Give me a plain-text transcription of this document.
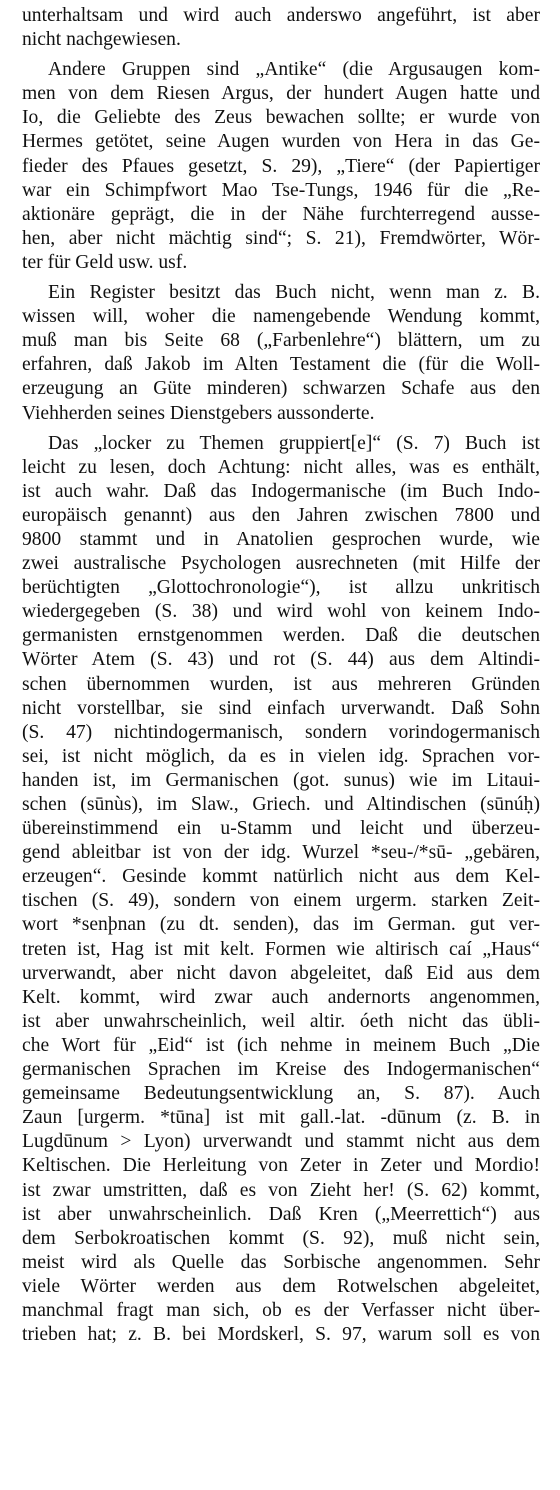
unterhaltsam und wird auch anderswo angeführt, ist aber
nicht nachgewiesen.
Andere Gruppen sind „Antike“ (die Argusaugen kom-
men von dem Riesen Argus, der hundert Augen hatte und
Io, die Geliebte des Zeus bewachen sollte; er wurde von
Hermes getötet, seine Augen wurden von Hera in das Ge-
fieder des Pfaues gesetzt, S. 29), „Tiere“ (der Papiertiger
war ein Schimpfwort Mao Tse-Tungs, 1946 für die „Re-
aktionäre geprägt, die in der Nähe furchterregend ausse-
hen, aber nicht mächtig sind“; S. 21), Fremdwörter, Wör-
ter für Geld usw. usf.
Ein Register besitzt das Buch nicht, wenn man z. B.
wissen will, woher die namengebende Wendung kommt,
muß man bis Seite 68 („Farbenlehre“) blättern, um zu
erfahren, daß Jakob im Alten Testament die (für die Woll-
erzeugung an Güte minderen) schwarzen Schafe aus den
Viehherden seines Dienstgebers aussonderte.
Das „locker zu Themen gruppiert[e]“ (S. 7) Buch ist
leicht zu lesen, doch Achtung: nicht alles, was es enthält,
ist auch wahr. Daß das Indogermanische (im Buch Indo-
europäisch genannt) aus den Jahren zwischen 7800 und
9800 stammt und in Anatolien gesprochen wurde, wie
zwei australische Psychologen ausrechneten (mit Hilfe der
berüchtigten „Glottochronologie“), ist allzu unkritisch
wiedergegeben (S. 38) und wird wohl von keinem Indo-
germanisten ernstgenommen werden. Daß die deutschen
Wörter Atem (S. 43) und rot (S. 44) aus dem Altindi-
schen übernommen wurden, ist aus mehreren Gründen
nicht vorstellbar, sie sind einfach urverwandt. Daß Sohn
(S. 47) nichtindogermanisch, sondern vorindogermanisch
sei, ist nicht möglich, da es in vielen idg. Sprachen vor-
handen ist, im Germanischen (got. sunus) wie im Litaui-
schen (sūnùs), im Slaw., Griech. und Altindischen (sūnúḥ)
übereinstimmend ein u-Stamm und leicht und überzeu-
gend ableitbar ist von der idg. Wurzel *seu-/*sū- „gebären,
erzeugen“. Gesinde kommt natürlich nicht aus dem Kel-
tischen (S. 49), sondern von einem urgerm. starken Zeit-
wort *senþnan (zu dt. senden), das im German. gut ver-
treten ist, Hag ist mit kelt. Formen wie altirisch caí „Haus“
urverwandt, aber nicht davon abgeleitet, daß Eid aus dem
Kelt. kommt, wird zwar auch andernorts angenommen,
ist aber unwahrscheinlich, weil altir. óeth nicht das übli-
che Wort für „Eid“ ist (ich nehme in meinem Buch „Die
germanischen Sprachen im Kreise des Indogermanischen“
gemeinsame Bedeutungsentwicklung an, S. 87). Auch
Zaun [urgerm. *tūna] ist mit gall.-lat. -dūnum (z. B. in
Lugdūnum > Lyon) urverwandt und stammt nicht aus dem
Keltischen. Die Herleitung von Zeter in Zeter und Mordio!
ist zwar umstritten, daß es von Zieht her! (S. 62) kommt,
ist aber unwahrscheinlich. Daß Kren („Meerrettich“) aus
dem Serbokroatischen kommt (S. 92), muß nicht sein,
meist wird als Quelle das Sorbische angenommen. Sehr
viele Wörter werden aus dem Rotwelschen abgeleitet,
manchmal fragt man sich, ob es der Verfasser nicht über-
trieben hat; z. B. bei Mordskerl, S. 97, warum soll es von
